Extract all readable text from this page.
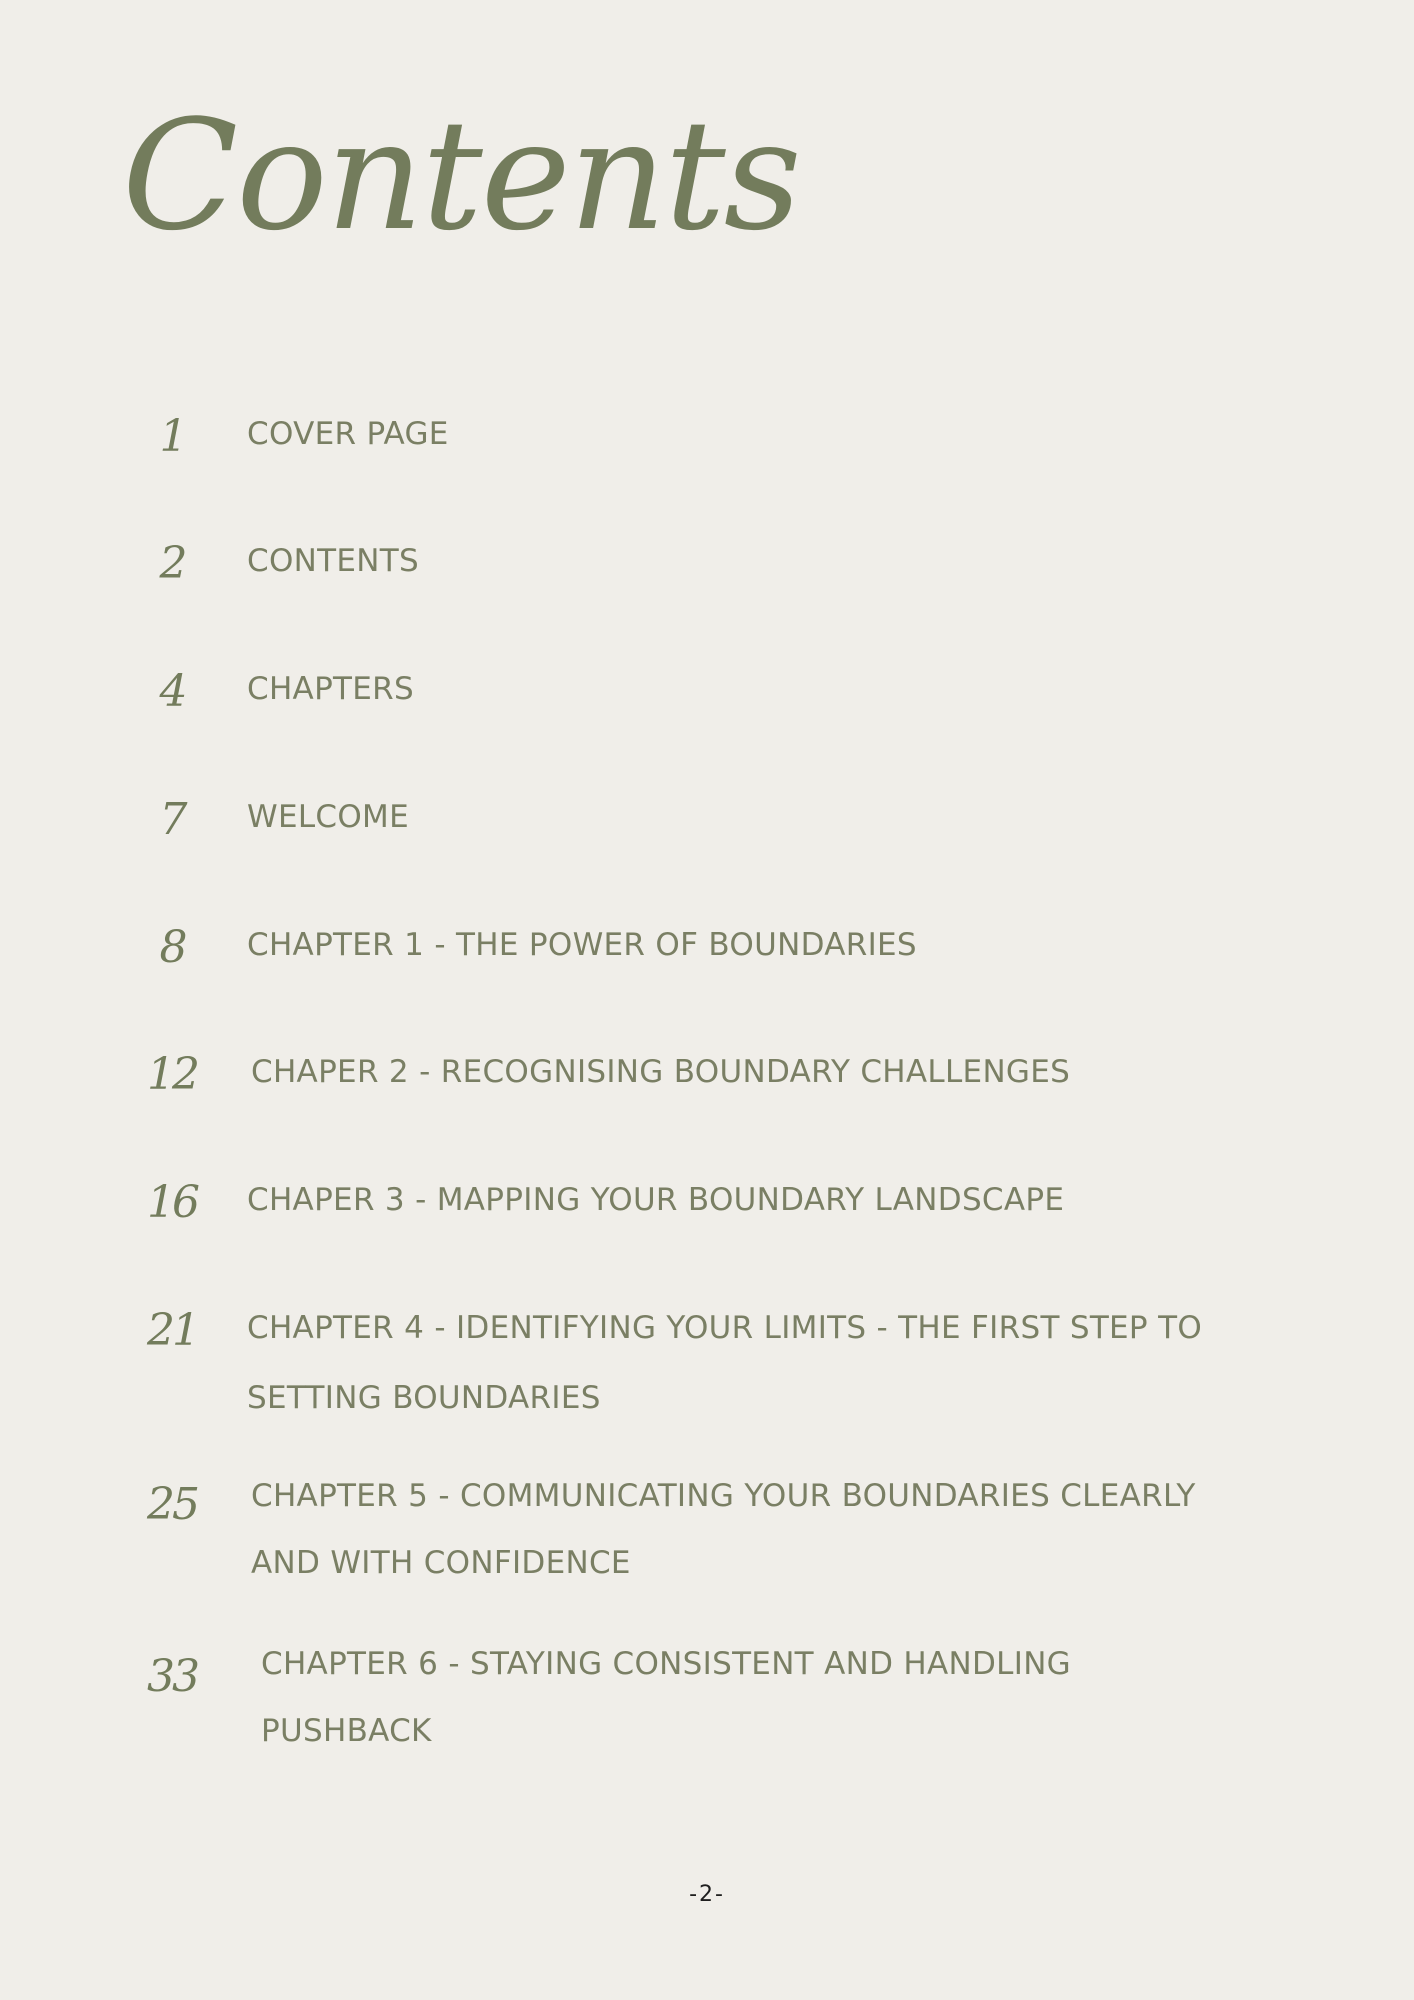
Contents
1	COVER PAGE
2	CONTENTS
4	CHAPTERS
7	WELCOME
8	CHAPTER 1 - THE POWER OF BOUNDARIES
12	CHAPER 2 - RECOGNISING BOUNDARY CHALLENGES
16	CHAPER 3 - MAPPING YOUR BOUNDARY LANDSCAPE
21	CHAPTER 4 - IDENTIFYING YOUR LIMITS - THE FIRST STEP TO
SETTING BOUNDARIES
25	CHAPTER 5 - COMMUNICATING YOUR BOUNDARIES CLEARLY
AND WITH CONFIDENCE
33	CHAPTER 6 - STAYING CONSISTENT AND HANDLING
PUSHBACK
-2-
